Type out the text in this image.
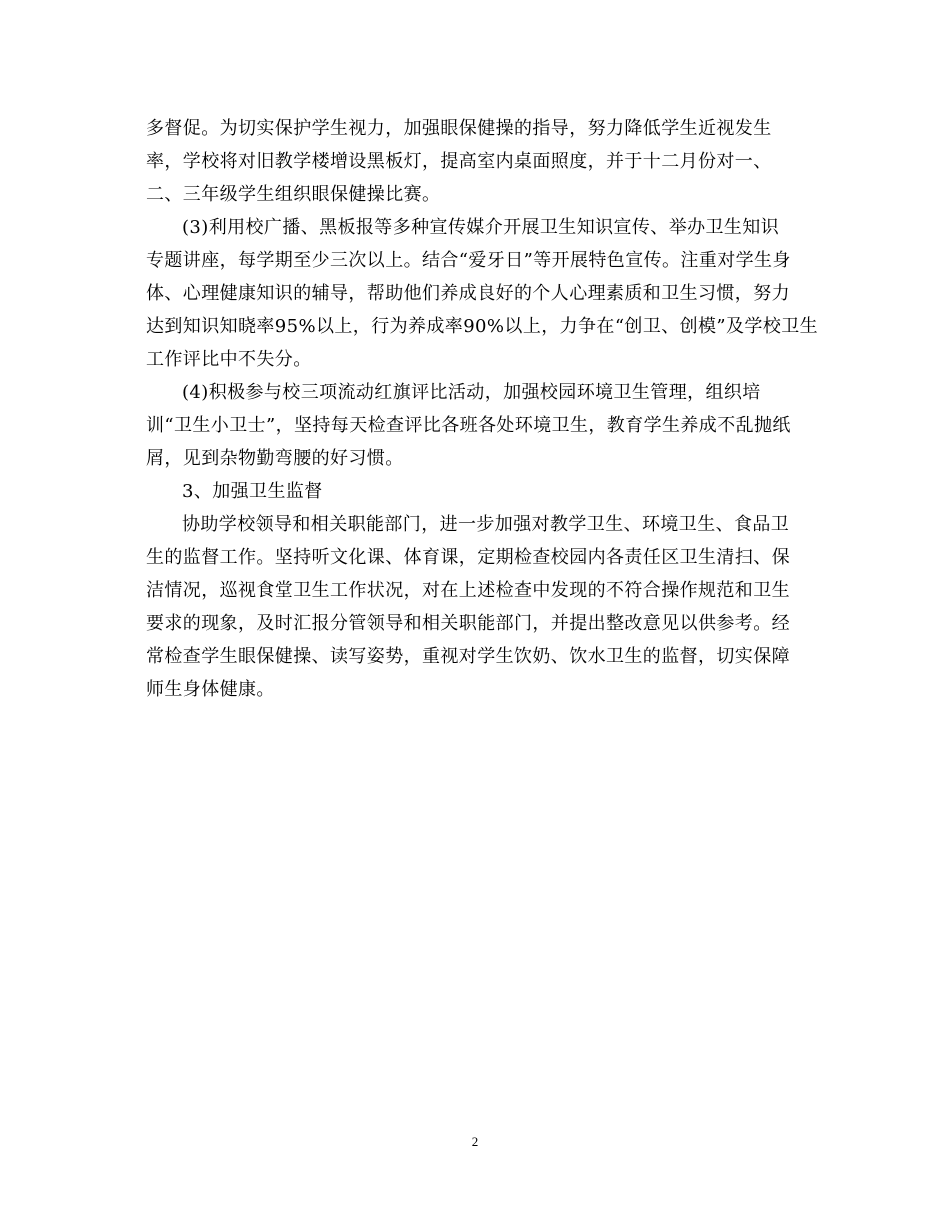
多督促。为切实保护学生视力，加强眼保健操的指导，努力降低学生近视发生
率，学校将对旧教学楼增设黑板灯，提高室内桌面照度，并于十二月份对一、
二、三年级学生组织眼保健操比赛。
(3)利用校广播、黑板报等多种宣传媒介开展卫生知识宣传、举办卫生知识
专题讲座，每学期至少三次以上。结合“爱牙日”等开展特色宣传。注重对学生身
体、心理健康知识的辅导，帮助他们养成良好的个人心理素质和卫生习惯，努力
达到知识知晓率95%以上，行为养成率90%以上，力争在“创卫、创模”及学校卫生
工作评比中不失分。
(4)积极参与校三项流动红旗评比活动，加强校园环境卫生管理，组织培
训“卫生小卫士”，坚持每天检查评比各班各处环境卫生，教育学生养成不乱抛纸
屑，见到杂物勤弯腰的好习惯。
3、加强卫生监督
协助学校领导和相关职能部门，进一步加强对教学卫生、环境卫生、食品卫
生的监督工作。坚持听文化课、体育课，定期检查校园内各责任区卫生清扫、保
洁情况，巡视食堂卫生工作状况，对在上述检查中发现的不符合操作规范和卫生
要求的现象，及时汇报分管领导和相关职能部门，并提出整改意见以供参考。经
常检查学生眼保健操、读写姿势，重视对学生饮奶、饮水卫生的监督，切实保障
师生身体健康。
2
